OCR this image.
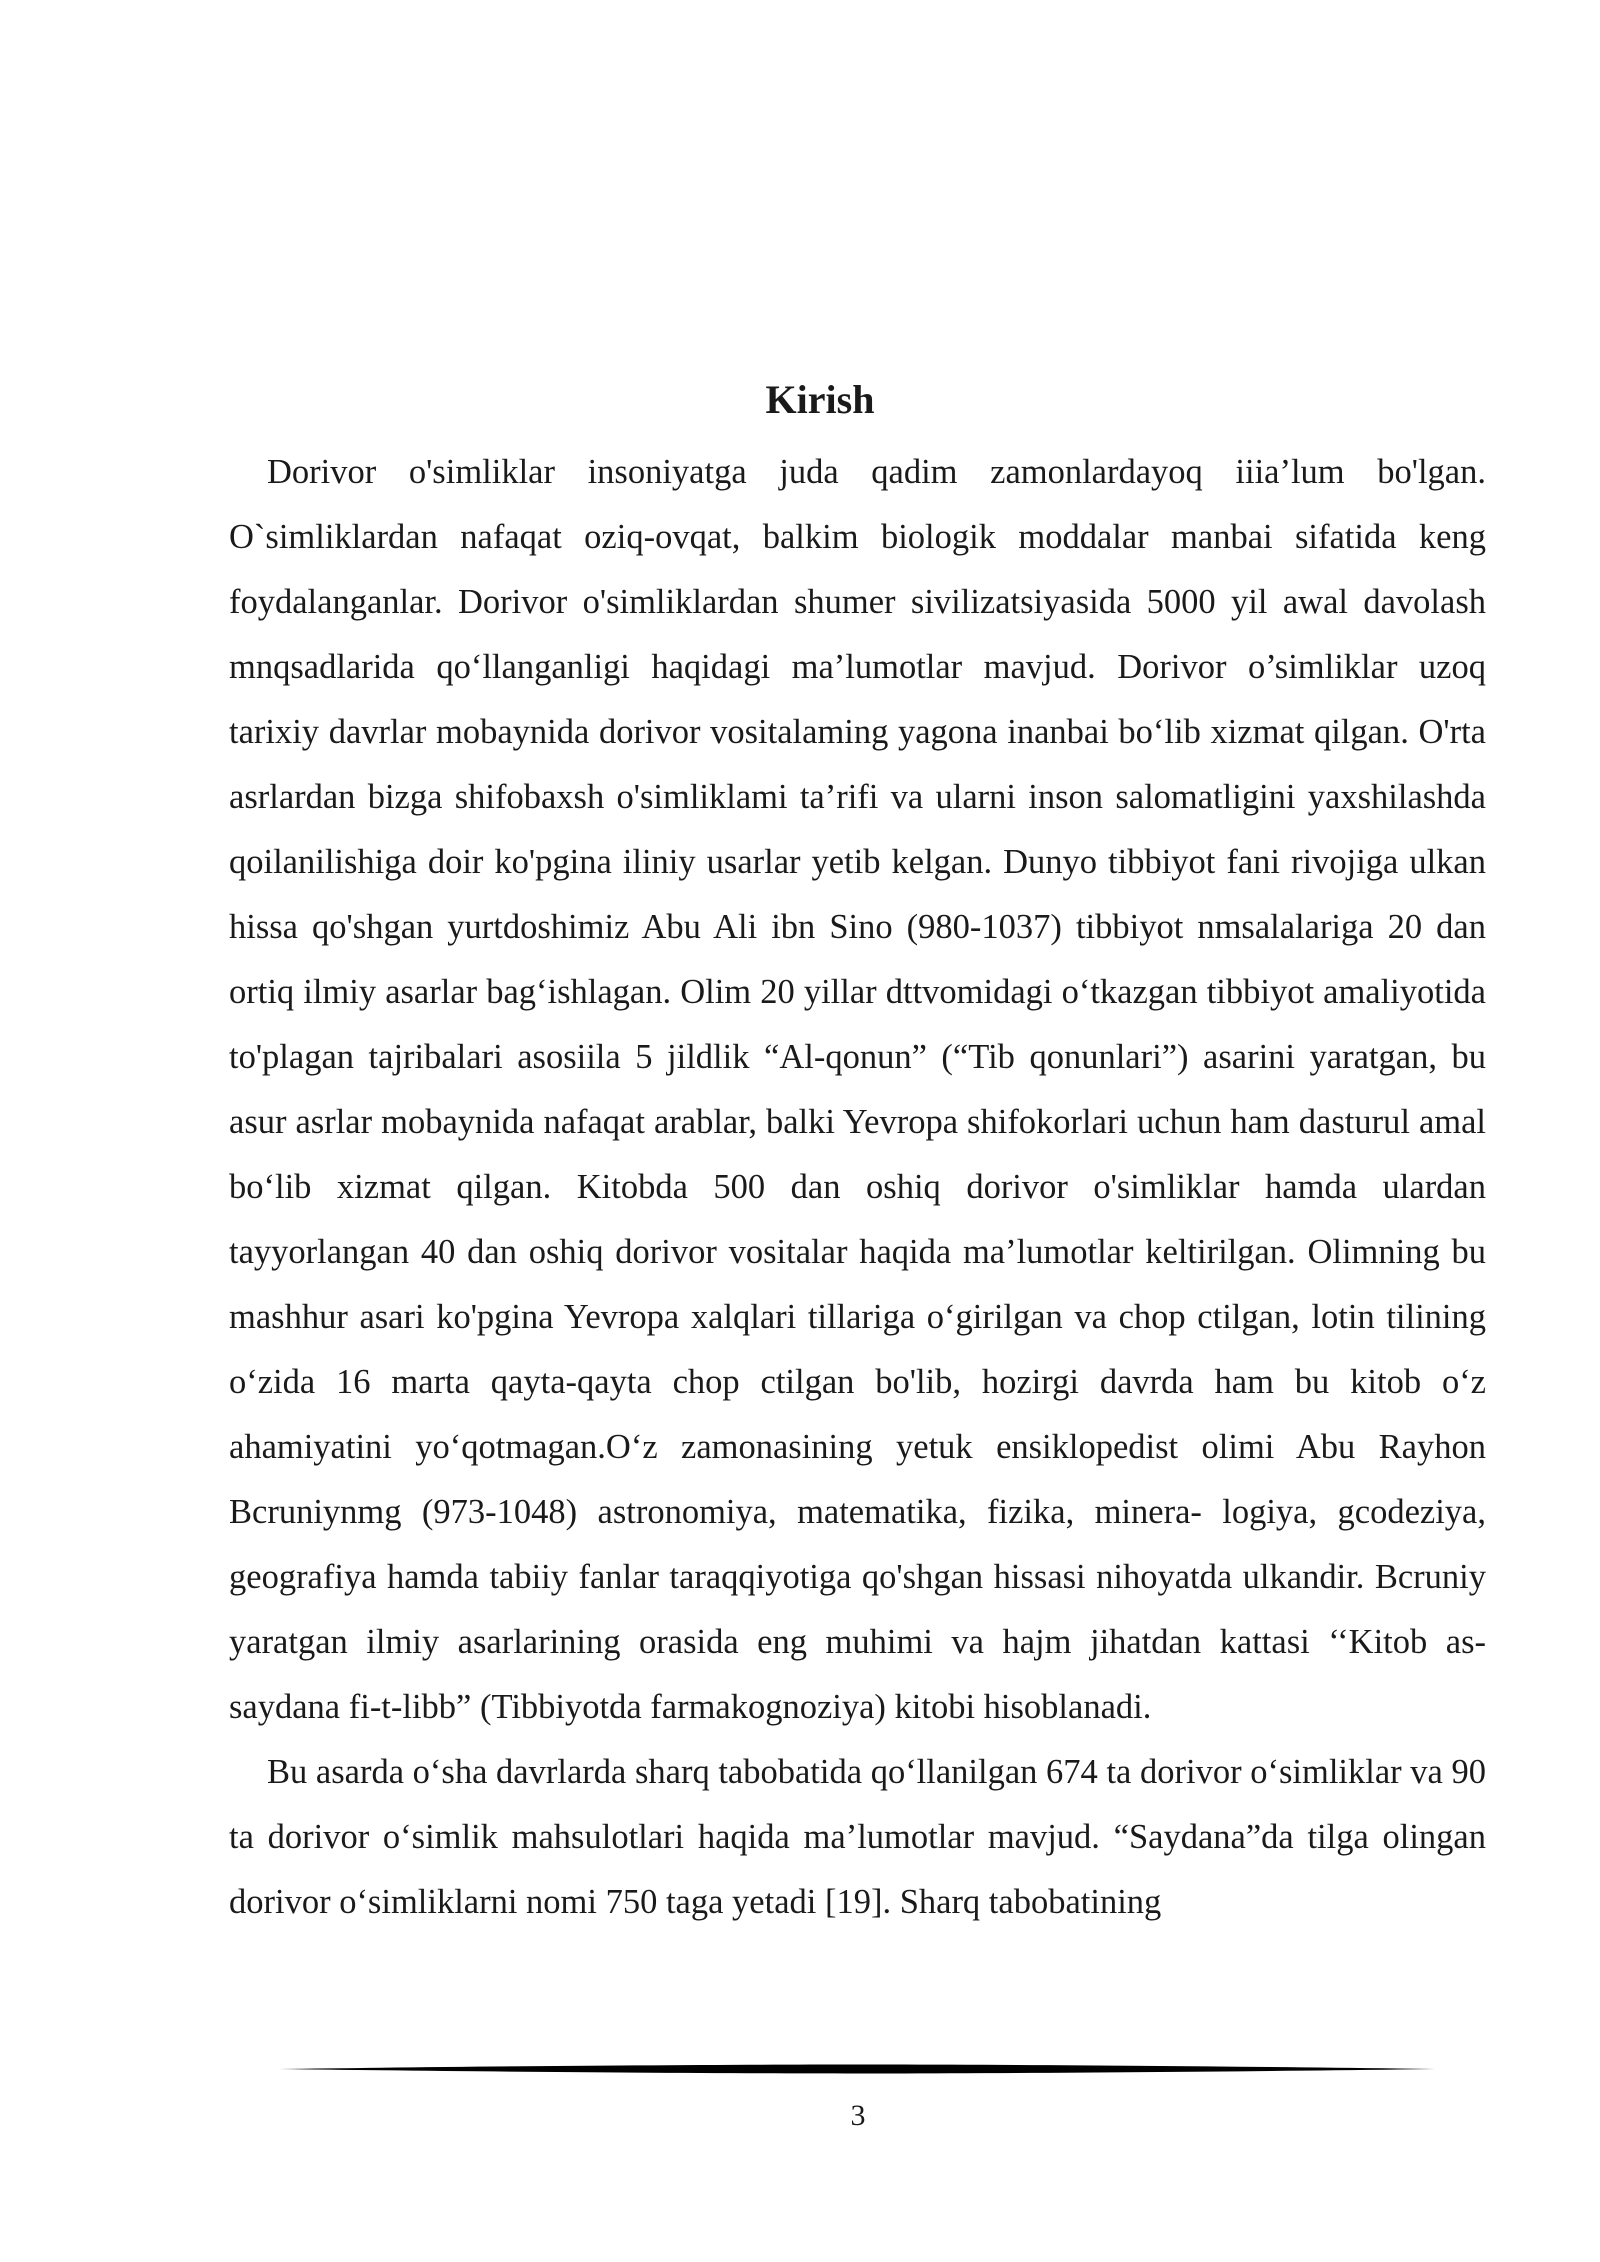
Kirish

Dorivor o'simliklar insoniyatga juda qadim zamonlardayoq iiia’lum bo'lgan. O`simliklardan nafaqat oziq-ovqat, balkim biologik moddalar manbai sifatida keng foydalanganlar. Dorivor o'simliklardan shumer sivilizatsiyasida 5000 yil awal davolash mnqsadlarida qo‘llanganligi haqidagi ma’lumotlar mavjud. Dorivor o’simliklar uzoq tarixiy davrlar mobaynida dorivor vositalaming yagona inanbai bo‘lib xizmat qilgan. O'rta asrlardan bizga shifobaxsh o'simliklami ta’rifi va ularni inson salomatligini yaxshilashda qoilanilishiga doir ko'pgina iliniy usarlar yetib kelgan. Dunyo tibbiyot fani rivojiga ulkan hissa qo'shgan yurtdoshimiz Abu Ali ibn Sino (980-1037) tibbiyot nmsalalariga 20 dan ortiq ilmiy asarlar bag‘ishlagan. Olim 20 yillar dttvomidagi o‘tkazgan tibbiyot amaliyotida to'plagan tajribalari asosiila 5 jildlik “Al-qonun” (“Tib qonunlari”) asarini yaratgan, bu asur asrlar mobaynida nafaqat arablar, balki Yevropa shifokorlari uchun ham dasturul amal bo‘lib xizmat qilgan. Kitobda 500 dan oshiq dorivor o'simliklar hamda ulardan tayyorlangan 40 dan oshiq dorivor vositalar haqida ma’lumotlar keltirilgan. Olimning bu mashhur asari ko'pgina Yevropa xalqlari tillariga o‘girilgan va chop ctilgan, lotin tilining o‘zida 16 marta qayta-qayta chop ctilgan bo'lib, hozirgi davrda ham bu kitob o‘z ahamiyatini yo‘qotmagan.O‘z zamonasining yetuk ensiklopedist olimi Abu Rayhon Bcruniynmg (973-1048) astronomiya, matematika, fizika, minera- logiya, gcodeziya, geografiya hamda tabiiy fanlar taraqqiyotiga qo'shgan hissasi nihoyatda ulkandir. Bcruniy yaratgan ilmiy asarlarining orasida eng muhimi va hajm jihatdan kattasi ‘‘Kitob as- saydana fi-t-libb” (Tibbiyotda farmakognoziya) kitobi hisoblanadi.

Bu asarda o‘sha davrlarda sharq tabobatida qo‘llanilgan 674 ta dorivor o‘simliklar va 90 ta dorivor o‘simlik mahsulotlari haqida ma’lumotlar mavjud. “Saydana”da tilga olingan dorivor o‘simliklarni nomi 750 taga yetadi [19]. Sharq tabobatining

3
